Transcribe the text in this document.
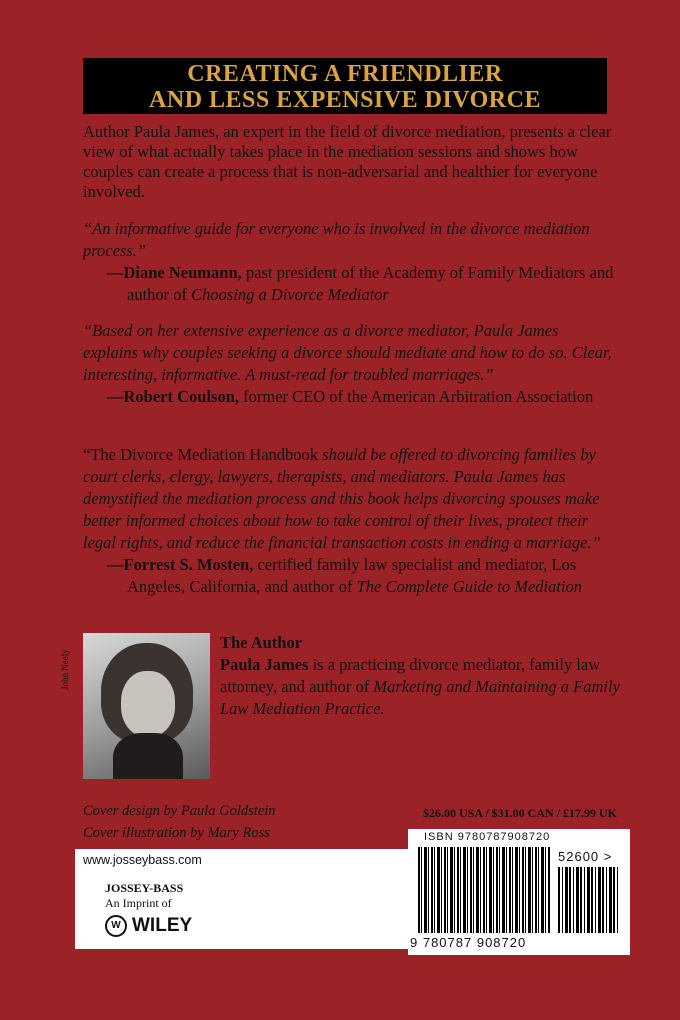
CREATING A FRIENDLIER
AND LESS EXPENSIVE DIVORCE
Author Paula James, an expert in the field of divorce mediation, presents a clear view of what actually takes place in the mediation sessions and shows how couples can create a process that is non-adversarial and healthier for everyone involved.
“An informative guide for everyone who is involved in the divorce mediation process.”
—Diane Neumann, past president of the Academy of Family Mediators and author of Choosing a Divorce Mediator
“Based on her extensive experience as a divorce mediator, Paula James explains why couples seeking a divorce should mediate and how to do so. Clear, interesting, informative. A must-read for troubled marriages.”
—Robert Coulson, former CEO of the American Arbitration Association
“The Divorce Mediation Handbook should be offered to divorcing families by court clerks, clergy, lawyers, therapists, and mediators. Paula James has demystified the mediation process and this book helps divorcing spouses make better informed choices about how to take control of their lives, protect their legal rights, and reduce the financial transaction costs in ending a marriage.”
—Forrest S. Mosten, certified family law specialist and mediator, Los Angeles, California, and author of The Complete Guide to Mediation
John Neely
The Author
Paula James is a practicing divorce mediator, family law attorney, and author of Marketing and Maintaining a Family Law Mediation Practice.
Cover design by Paula Goldstein
Cover illustration by Mary Ross
$26.00 USA / $31.00 CAN / £17.99 UK
www.josseybass.com
JOSSEY-BASS
An Imprint of
W WILEY
ISBN 9780787908720
52600 >
9 780787 908720
